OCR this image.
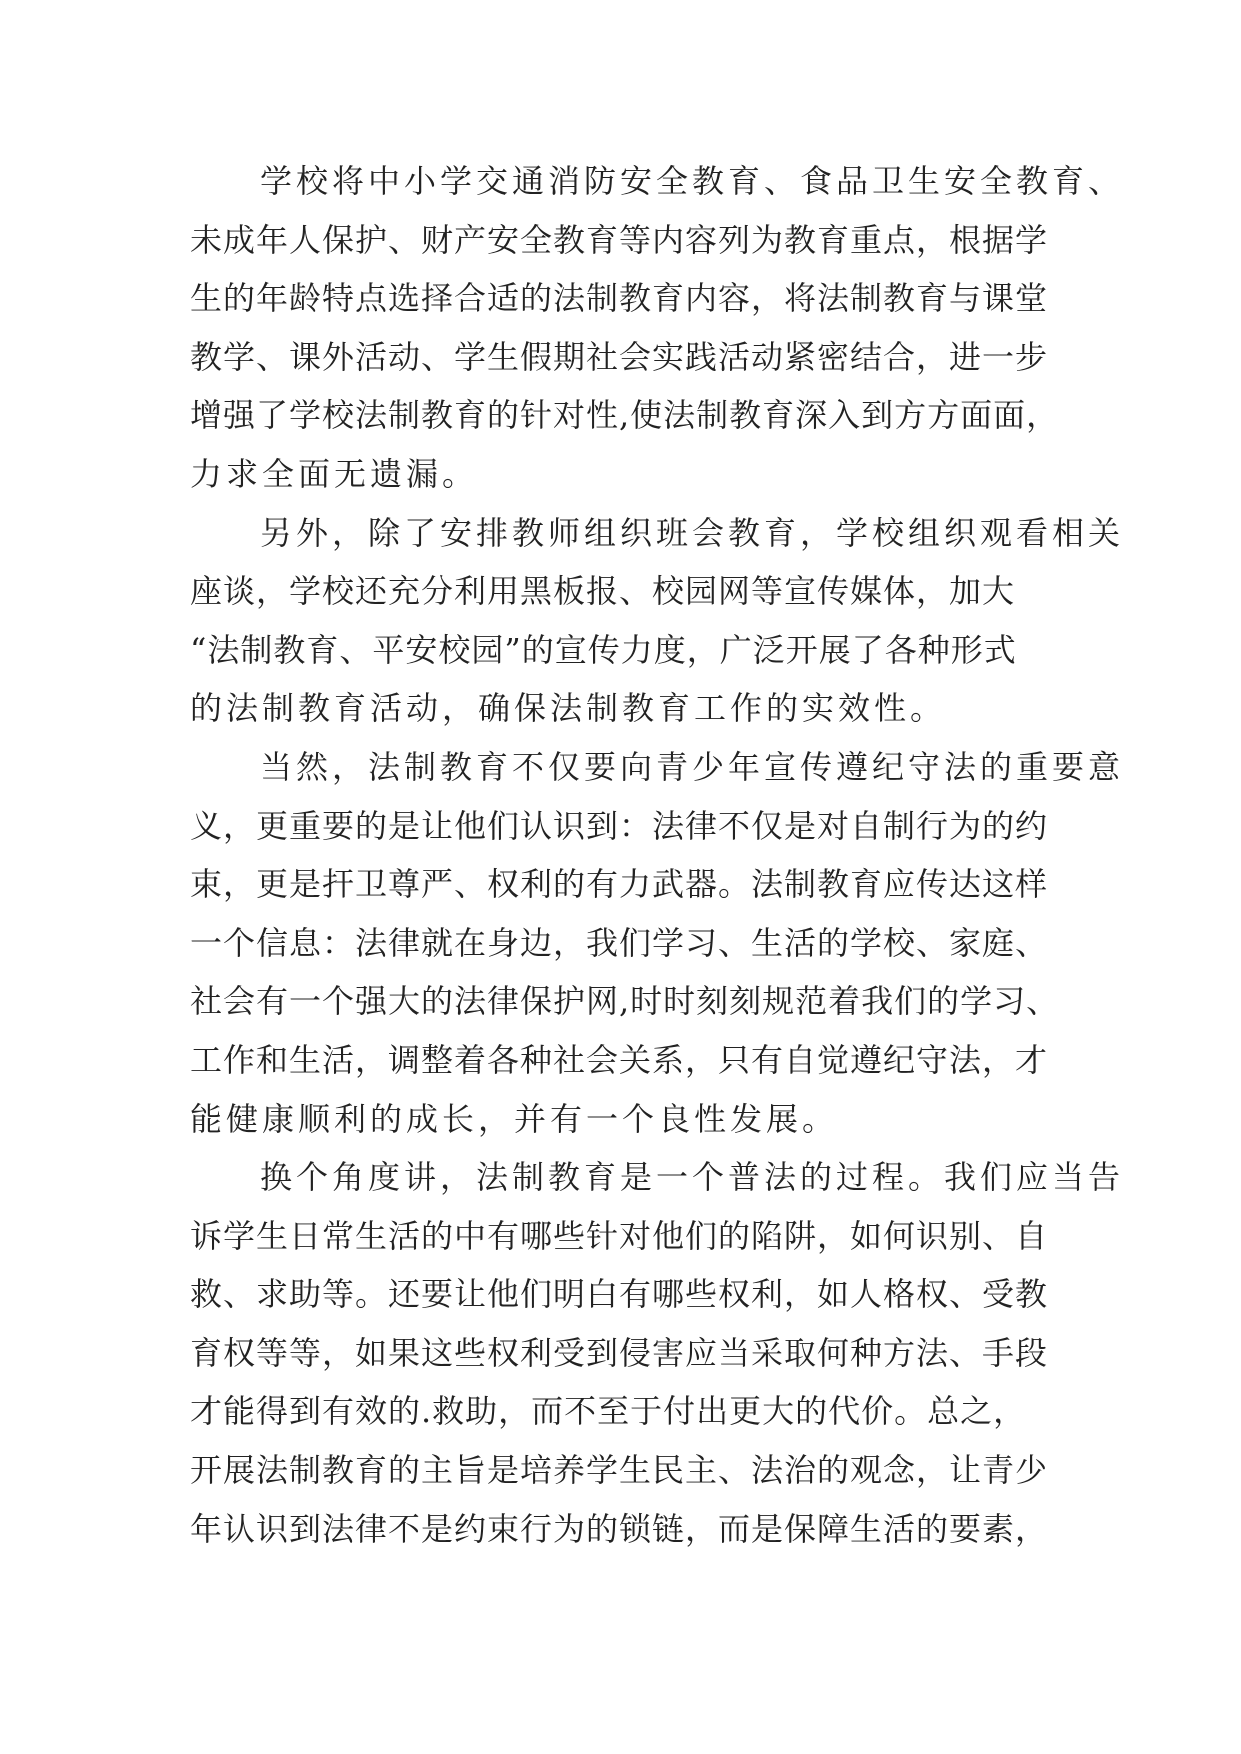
学校将中小学交通消防安全教育、食品卫生安全教育、
未成年人保护、财产安全教育等内容列为教育重点，根据学
生的年龄特点选择合适的法制教育内容，将法制教育与课堂
教学、课外活动、学生假期社会实践活动紧密结合，进一步
增强了学校法制教育的针对性,使法制教育深入到方方面面，
力求全面无遗漏。
另外，除了安排教师组织班会教育，学校组织观看相关
座谈，学校还充分利用黑板报、校园网等宣传媒体，加大
“法制教育、平安校园”的宣传力度，广泛开展了各种形式
的法制教育活动，确保法制教育工作的实效性。
当然，法制教育不仅要向青少年宣传遵纪守法的重要意
义，更重要的是让他们认识到：法律不仅是对自制行为的约
束，更是扞卫尊严、权利的有力武器。法制教育应传达这样
一个信息：法律就在身边，我们学习、生活的学校、家庭、
社会有一个强大的法律保护网,时时刻刻规范着我们的学习、
工作和生活，调整着各种社会关系，只有自觉遵纪守法，才
能健康顺利的成长，并有一个良性发展。
换个角度讲，法制教育是一个普法的过程。我们应当告
诉学生日常生活的中有哪些针对他们的陷阱，如何识别、自
救、求助等。还要让他们明白有哪些权利，如人格权、受教
育权等等，如果这些权利受到侵害应当采取何种方法、手段
才能得到有效的.救助，而不至于付出更大的代价。总之，
开展法制教育的主旨是培养学生民主、法治的观念，让青少
年认识到法律不是约束行为的锁链，而是保障生活的要素，
